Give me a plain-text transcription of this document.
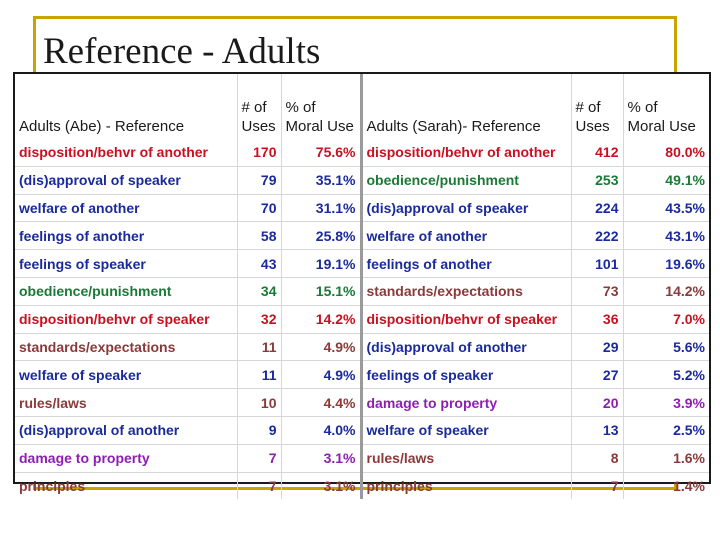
Reference - Adults
Adults (Abe) - Reference	# of
Uses	% of
Moral Use	Adults (Sarah)- Reference	# of
Uses	% of
Moral Use
disposition/behvr of another	170	75.6%	disposition/behvr of another	412	80.0%
(dis)approval of speaker	79	35.1%	obedience/punishment	253	49.1%
welfare of another	70	31.1%	(dis)approval of speaker	224	43.5%
feelings of another	58	25.8%	welfare of another	222	43.1%
feelings of speaker	43	19.1%	feelings of another	101	19.6%
obedience/punishment	34	15.1%	standards/expectations	73	14.2%
disposition/behvr of speaker	32	14.2%	disposition/behvr of speaker	36	7.0%
standards/expectations	11	4.9%	(dis)approval of another	29	5.6%
welfare of speaker	11	4.9%	feelings of speaker	27	5.2%
rules/laws	10	4.4%	damage to property	20	3.9%
(dis)approval of another	9	4.0%	welfare of speaker	13	2.5%
damage to property	7	3.1%	rules/laws	8	1.6%
principles	7	3.1%	principles	7	1.4%
